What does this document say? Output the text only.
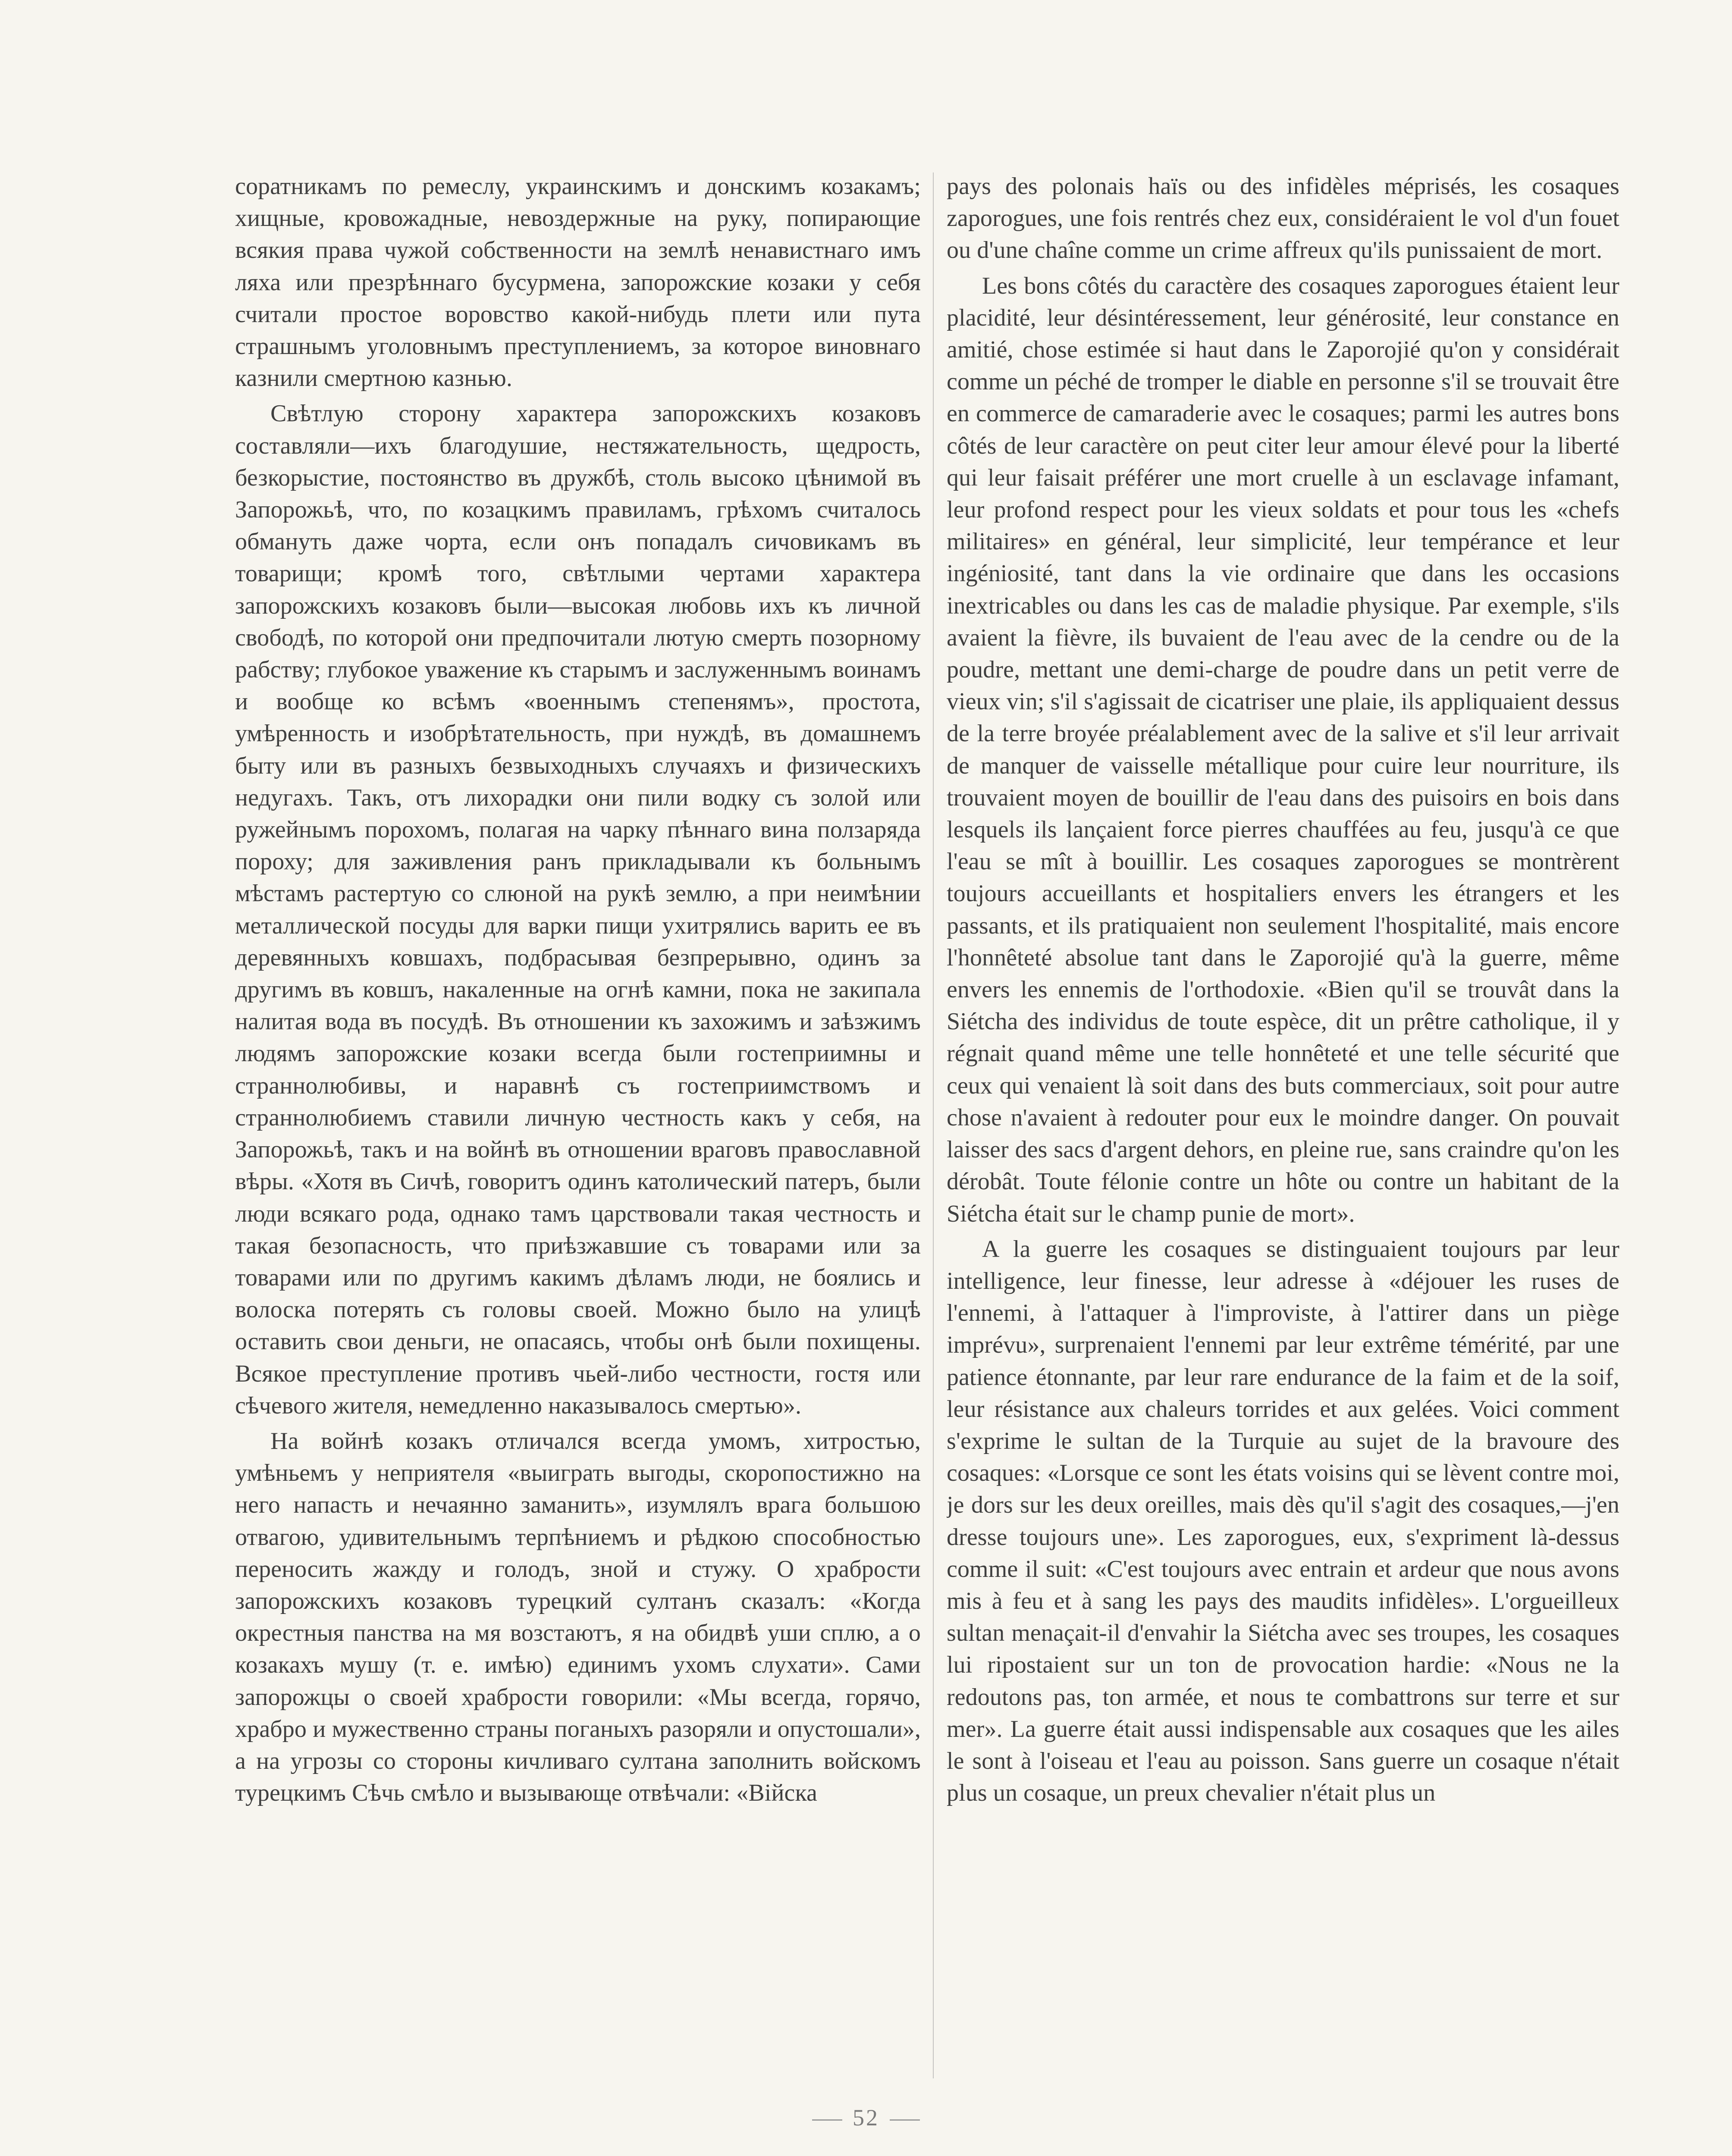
соратникамъ по ремеслу, украинскимъ и донскимъ козакамъ; хищные, кровожадные, невоздержные на руку, попирающие всякия права чужой собственности на землѣ ненавистнаго имъ ляха или презрѣннаго бусурмена, запорожские козаки у себя считали простое воровство какой-нибудь плети или пута страшнымъ уголовнымъ преступлениемъ, за которое виновнаго казнили смертною казнью.

Свѣтлую сторону характера запорожскихъ козаковъ составляли—ихъ благодушие, нестяжательность, щедрость, безкорыстие, постоянство въ дружбѣ, столь высоко цѣнимой въ Запорожьѣ, что, по козацкимъ правиламъ, грѣхомъ считалось обмануть даже чорта, если онъ попадалъ сичовикамъ въ товарищи; кромѣ того, свѣтлыми чертами характера запорожскихъ козаковъ были—высокая любовь ихъ къ личной свободѣ, по которой они предпочитали лютую смерть позорному рабству; глубокое уважение къ старымъ и заслуженнымъ воинамъ и вообще ко всѣмъ «военнымъ степенямъ», простота, умѣренность и изобрѣтательность, при нуждѣ, въ домашнемъ быту или въ разныхъ безвыходныхъ случаяхъ и физическихъ недугахъ. Такъ, отъ лихорадки они пили водку съ золой или ружейнымъ порохомъ, полагая на чарку пѣннаго вина ползаряда пороху; для заживления ранъ прикладывали къ больнымъ мѣстамъ растертую со слюной на рукѣ землю, а при неимѣнии металлической посуды для варки пищи ухитрялись варить ее въ деревянныхъ ковшахъ, подбрасывая безпрерывно, одинъ за другимъ въ ковшъ, накаленные на огнѣ камни, пока не закипала налитая вода въ посудѣ. Въ отношении къ захожимъ и заѣзжимъ людямъ запорожские козаки всегда были гостеприимны и страннолюбивы, и наравнѣ съ гостеприимствомъ и страннолюбиемъ ставили личную честность какъ у себя, на Запорожьѣ, такъ и на войнѣ въ отношении враговъ православной вѣры. «Хотя въ Сичѣ, говоритъ одинъ католический патеръ, были люди всякаго рода, однако тамъ царствовали такая честность и такая безопасность, что приѣзжавшие съ товарами или за товарами или по другимъ какимъ дѣламъ люди, не боялись и волоска потерять съ головы своей. Можно было на улицѣ оставить свои деньги, не опасаясь, чтобы онѣ были похищены. Всякое преступление противъ чьей-либо честности, гостя или сѣчевого жителя, немедленно наказывалось смертью».

На войнѣ козакъ отличался всегда умомъ, хитростью, умѣньемъ у неприятеля «выиграть выгоды, скоропостижно на него напасть и нечаянно заманить», изумлялъ врага большою отвагою, удивительнымъ терпѣниемъ и рѣдкою способностью переносить жажду и голодъ, зной и стужу. О храбрости запорожскихъ козаковъ турецкий султанъ сказалъ: «Когда окрестныя панства на мя возстаютъ, я на обидвѣ уши сплю, а о козакахъ мушу (т. е. имѣю) единимъ ухомъ слухати». Сами запорожцы о своей храбрости говорили: «Мы всегда, горячо, храбро и мужественно страны поганыхъ разоряли и опустошали», а на угрозы со стороны кичливаго султана заполнить войскомъ турецкимъ Сѣчь смѣло и вызывающе отвѣчали: «Війска

pays des polonais haïs ou des infidèles méprisés, les cosaques zaporogues, une fois rentrés chez eux, considéraient le vol d'un fouet ou d'une chaîne comme un crime affreux qu'ils punissaient de mort.

Les bons côtés du caractère des cosaques zaporogues étaient leur placidité, leur désintéressement, leur générosité, leur constance en amitié, chose estimée si haut dans le Zaporojié qu'on y considérait comme un péché de tromper le diable en personne s'il se trouvait être en commerce de camaraderie avec le cosaques; parmi les autres bons côtés de leur caractère on peut citer leur amour élevé pour la liberté qui leur faisait préférer une mort cruelle à un esclavage infamant, leur profond respect pour les vieux soldats et pour tous les «chefs militaires» en général, leur simplicité, leur tempérance et leur ingéniosité, tant dans la vie ordinaire que dans les occasions inextricables ou dans les cas de maladie physique. Par exemple, s'ils avaient la fièvre, ils buvaient de l'eau avec de la cendre ou de la poudre, mettant une demi-charge de poudre dans un petit verre de vieux vin; s'il s'agissait de cicatriser une plaie, ils appliquaient dessus de la terre broyée préalablement avec de la salive et s'il leur arrivait de manquer de vaisselle métallique pour cuire leur nourriture, ils trouvaient moyen de bouillir de l'eau dans des puisoirs en bois dans lesquels ils lançaient force pierres chauffées au feu, jusqu'à ce que l'eau se mît à bouillir. Les cosaques zaporogues se montrèrent toujours accueillants et hospitaliers envers les étrangers et les passants, et ils pratiquaient non seulement l'hospitalité, mais encore l'honnêteté absolue tant dans le Zaporojié qu'à la guerre, même envers les ennemis de l'orthodoxie. «Bien qu'il se trouvât dans la Siétcha des individus de toute espèce, dit un prêtre catholique, il y régnait quand même une telle honnêteté et une telle sécurité que ceux qui venaient là soit dans des buts commerciaux, soit pour autre chose n'avaient à redouter pour eux le moindre danger. On pouvait laisser des sacs d'argent dehors, en pleine rue, sans craindre qu'on les dérobât. Toute félonie contre un hôte ou contre un habitant de la Siétcha était sur le champ punie de mort».

A la guerre les cosaques se distinguaient toujours par leur intelligence, leur finesse, leur adresse à «déjouer les ruses de l'ennemi, à l'attaquer à l'improviste, à l'attirer dans un piège imprévu», surprenaient l'ennemi par leur extrême témérité, par une patience étonnante, par leur rare endurance de la faim et de la soif, leur résistance aux chaleurs torrides et aux gelées. Voici comment s'exprime le sultan de la Turquie au sujet de la bravoure des cosaques: «Lorsque ce sont les états voisins qui se lèvent contre moi, je dors sur les deux oreilles, mais dès qu'il s'agit des cosaques,—j'en dresse toujours une». Les zaporogues, eux, s'expriment là-dessus comme il suit: «C'est toujours avec entrain et ardeur que nous avons mis à feu et à sang les pays des maudits infidèles». L'orgueilleux sultan menaçait-il d'envahir la Siétcha avec ses troupes, les cosaques lui ripostaient sur un ton de provocation hardie: «Nous ne la redoutons pas, ton armée, et nous te combattrons sur terre et sur mer». La guerre était aussi indispensable aux cosaques que les ailes le sont à l'oiseau et l'eau au poisson. Sans guerre un cosaque n'était plus un cosaque, un preux chevalier n'était plus un

52
